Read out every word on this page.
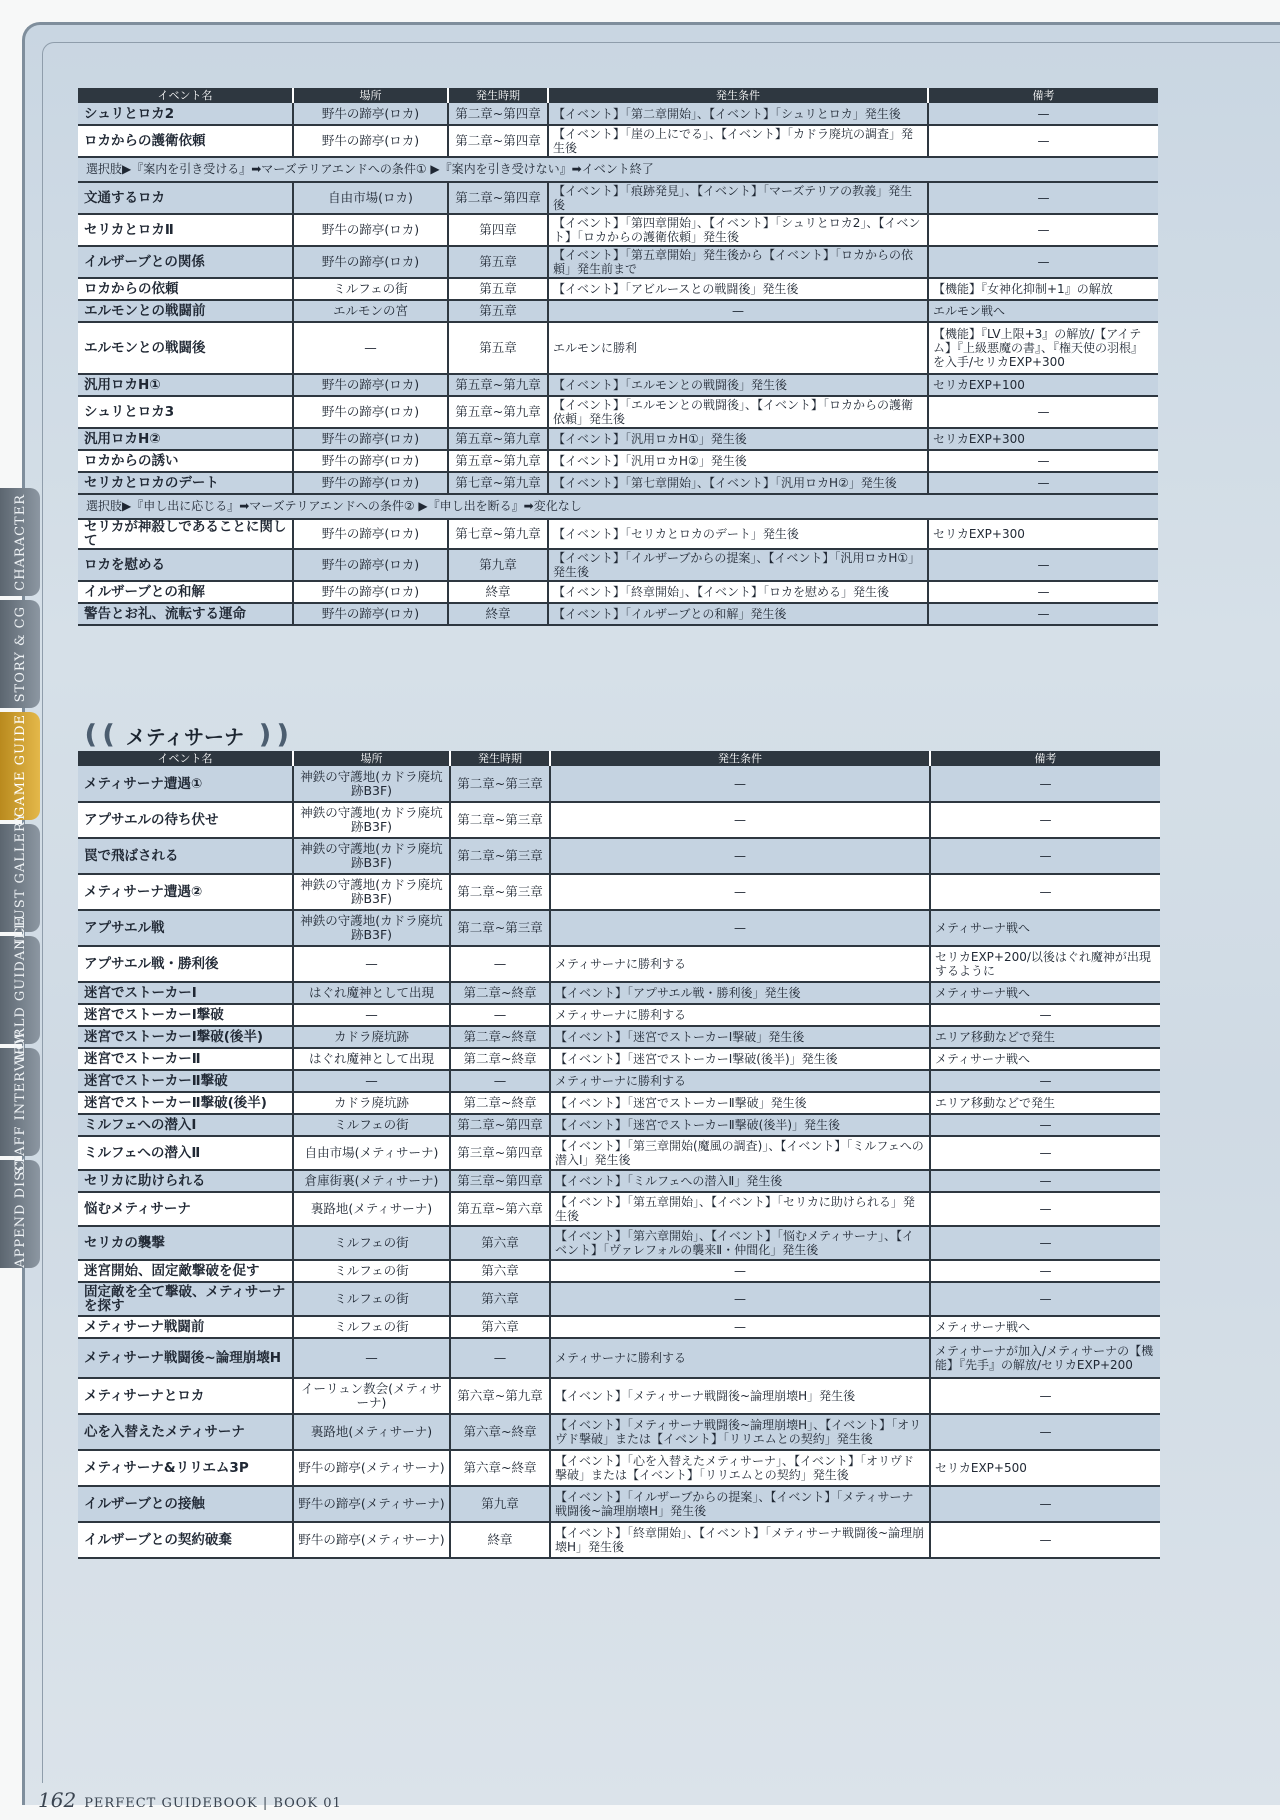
CHARACTER
STORY & CG
GAME GUIDE
ILLUST GALLERY
WORLD GUIDANCE
STAFF INTERVIEW
APPEND DISC
イベント名	場所	発生時期	発生条件	備考
シュリとロカ2	野牛の蹄亭(ロカ)	第二章~第四章	【イベント】「第二章開始」、【イベント】「シュリとロカ」発生後	—
ロカからの護衛依頼	野牛の蹄亭(ロカ)	第二章~第四章	【イベント】「崖の上にでる」、【イベント】「カドラ廃坑の調査」発生後	—
選択肢▶『案内を引き受ける』➡マーズテリアエンドへの条件① ▶『案内を引き受けない』➡イベント終了				
文通するロカ	自由市場(ロカ)	第二章~第四章	【イベント】「痕跡発見」、【イベント】「マーズテリアの教義」発生後	—
セリカとロカⅡ	野牛の蹄亭(ロカ)	第四章	【イベント】「第四章開始」、【イベント】「シュリとロカ2」、【イベント】「ロカからの護衛依頼」発生後	—
イルザーブとの関係	野牛の蹄亭(ロカ)	第五章	【イベント】「第五章開始」発生後から【イベント】「ロカからの依頼」発生前まで	—
ロカからの依頼	ミルフェの街	第五章	【イベント】「アビルースとの戦闘後」発生後	【機能】『女神化抑制+1』の解放
エルモンとの戦闘前	エルモンの宮	第五章	—	エルモン戦へ
エルモンとの戦闘後	—	第五章	エルモンに勝利	【機能】『LV上限+3』の解放/【アイテム】『上級悪魔の書』、『権天使の羽根』を入手/セリカEXP+300
汎用ロカH①	野牛の蹄亭(ロカ)	第五章~第九章	【イベント】「エルモンとの戦闘後」発生後	セリカEXP+100
シュリとロカ3	野牛の蹄亭(ロカ)	第五章~第九章	【イベント】「エルモンとの戦闘後」、【イベント】「ロカからの護衛依頼」発生後	—
汎用ロカH②	野牛の蹄亭(ロカ)	第五章~第九章	【イベント】「汎用ロカH①」発生後	セリカEXP+300
ロカからの誘い	野牛の蹄亭(ロカ)	第五章~第九章	【イベント】「汎用ロカH②」発生後	—
セリカとロカのデート	野牛の蹄亭(ロカ)	第七章~第九章	【イベント】「第七章開始」、【イベント】「汎用ロカH②」発生後	—
選択肢▶『申し出に応じる』➡マーズテリアエンドへの条件② ▶『申し出を断る』➡変化なし				
セリカが神殺しであることに関して	野牛の蹄亭(ロカ)	第七章~第九章	【イベント】「セリカとロカのデート」発生後	セリカEXP+300
ロカを慰める	野牛の蹄亭(ロカ)	第九章	【イベント】「イルザーブからの提案」、【イベント】「汎用ロカH①」発生後	—
イルザーブとの和解	野牛の蹄亭(ロカ)	終章	【イベント】「終章開始」、【イベント】「ロカを慰める」発生後	—
警告とお礼、流転する運命	野牛の蹄亭(ロカ)	終章	【イベント】「イルザーブとの和解」発生後	—
❪❪ メティサーナ ❫❫
イベント名	場所	発生時期	発生条件	備考
メティサーナ遭遇①	神鉄の守護地(カドラ廃坑跡B3F)	第二章~第三章	—	—
アプサエルの待ち伏せ	神鉄の守護地(カドラ廃坑跡B3F)	第二章~第三章	—	—
罠で飛ばされる	神鉄の守護地(カドラ廃坑跡B3F)	第二章~第三章	—	—
メティサーナ遭遇②	神鉄の守護地(カドラ廃坑跡B3F)	第二章~第三章	—	—
アプサエル戦	神鉄の守護地(カドラ廃坑跡B3F)	第二章~第三章	—	メティサーナ戦へ
アプサエル戦・勝利後	—	—	メティサーナに勝利する	セリカEXP+200/以後はぐれ魔神が出現するように
迷宮でストーカーⅠ	はぐれ魔神として出現	第二章~終章	【イベント】「アプサエル戦・勝利後」発生後	メティサーナ戦へ
迷宮でストーカーⅠ撃破	—	—	メティサーナに勝利する	—
迷宮でストーカーⅠ撃破(後半)	カドラ廃坑跡	第二章~終章	【イベント】「迷宮でストーカーⅠ撃破」発生後	エリア移動などで発生
迷宮でストーカーⅡ	はぐれ魔神として出現	第二章~終章	【イベント】「迷宮でストーカーⅠ撃破(後半)」発生後	メティサーナ戦へ
迷宮でストーカーⅡ撃破	—	—	メティサーナに勝利する	—
迷宮でストーカーⅡ撃破(後半)	カドラ廃坑跡	第二章~終章	【イベント】「迷宮でストーカーⅡ撃破」発生後	エリア移動などで発生
ミルフェへの潜入Ⅰ	ミルフェの街	第二章~第四章	【イベント】「迷宮でストーカーⅡ撃破(後半)」発生後	—
ミルフェへの潜入Ⅱ	自由市場(メティサーナ)	第三章~第四章	【イベント】「第三章開始(魔風の調査)」、【イベント】「ミルフェへの潜入Ⅰ」発生後	—
セリカに助けられる	倉庫街裏(メティサーナ)	第三章~第四章	【イベント】「ミルフェへの潜入Ⅱ」発生後	—
悩むメティサーナ	裏路地(メティサーナ)	第五章~第六章	【イベント】「第五章開始」、【イベント】「セリカに助けられる」発生後	—
セリカの襲撃	ミルフェの街	第六章	【イベント】「第六章開始」、【イベント】「悩むメティサーナ」、【イベント】「ヴァレフォルの襲来Ⅱ・仲間化」発生後	—
迷宮開始、固定敵撃破を促す	ミルフェの街	第六章	—	—
固定敵を全て撃破、メティサーナを探す	ミルフェの街	第六章	—	—
メティサーナ戦闘前	ミルフェの街	第六章	—	メティサーナ戦へ
メティサーナ戦闘後~論理崩壊H	—	—	メティサーナに勝利する	メティサーナが加入/メティサーナの【機能】『先手』の解放/セリカEXP+200
メティサーナとロカ	イーリュン教会(メティサーナ)	第六章~第九章	【イベント】「メティサーナ戦闘後~論理崩壊H」発生後	—
心を入替えたメティサーナ	裏路地(メティサーナ)	第六章~終章	【イベント】「メティサーナ戦闘後~論理崩壊H」、【イベント】「オリヴド撃破」または【イベント】「リリエムとの契約」発生後	—
メティサーナ&リリエム3P	野牛の蹄亭(メティサーナ)	第六章~終章	【イベント】「心を入替えたメティサーナ」、【イベント】「オリヴド撃破」または【イベント】「リリエムとの契約」発生後	セリカEXP+500
イルザーブとの接触	野牛の蹄亭(メティサーナ)	第九章	【イベント】「イルザーブからの提案」、【イベント】「メティサーナ戦闘後~論理崩壊H」発生後	—
イルザーブとの契約破棄	野牛の蹄亭(メティサーナ)	終章	【イベント】「終章開始」、【イベント】「メティサーナ戦闘後~論理崩壊H」発生後	—
162 PERFECT GUIDEBOOK | BOOK 01
